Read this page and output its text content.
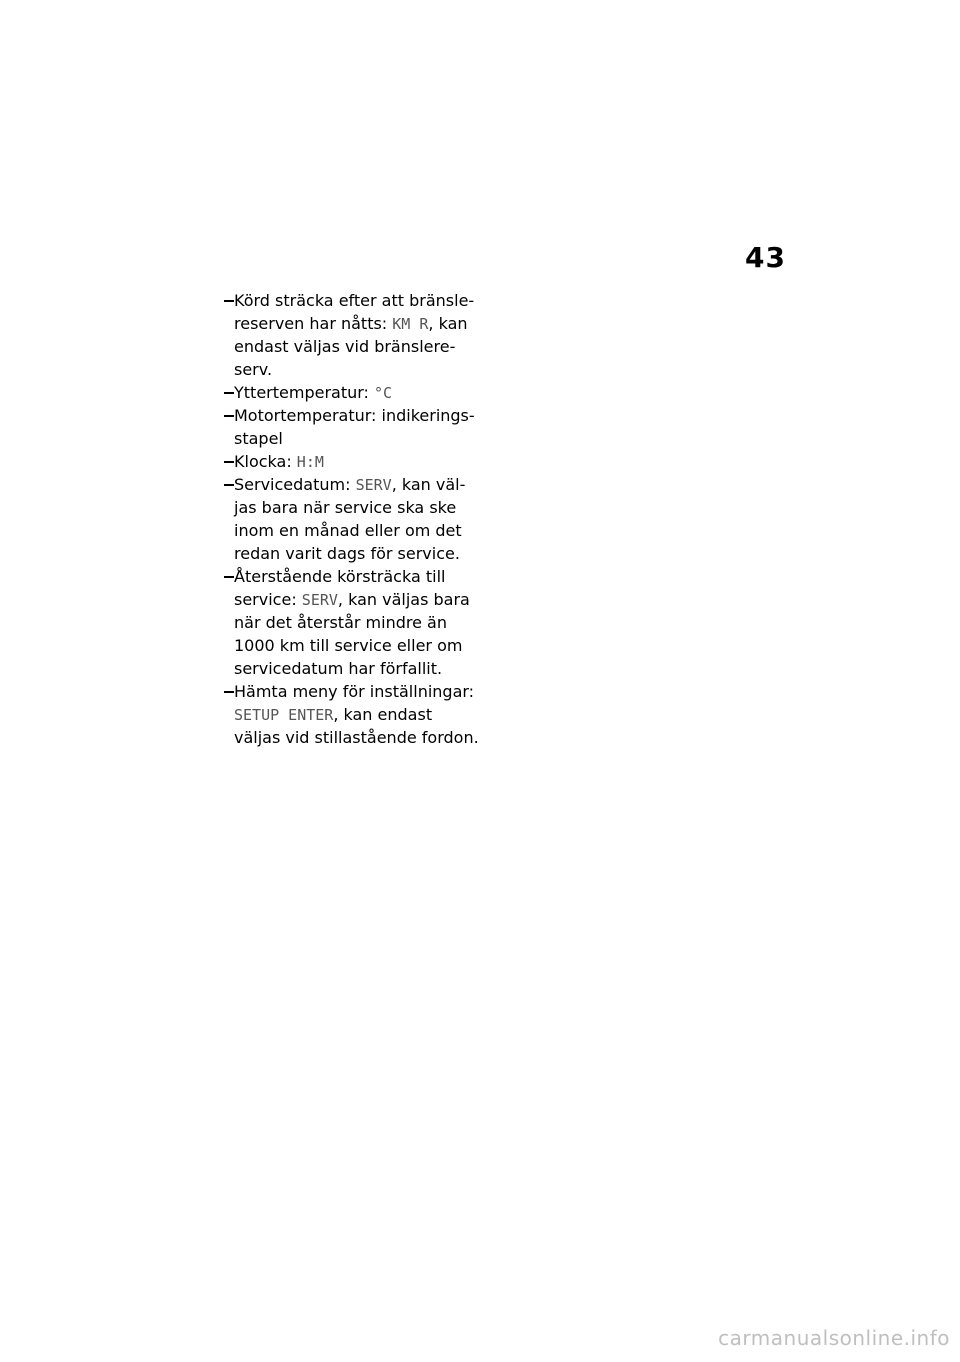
43
Körd sträcka efter att bränsle-
reserven har nåtts: KM R, kan
endast väljas vid bränslere-
serv.
Yttertemperatur: °C
Motortemperatur: indikerings-
stapel
Klocka: H:M
Servicedatum: SERV, kan väl-
jas bara när service ska ske
inom en månad eller om det
redan varit dags för service.
Återstående körsträcka till
service: SERV, kan väljas bara
när det återstår mindre än
1000 km till service eller om
servicedatum har förfallit.
Hämta meny för inställningar:
SETUP ENTER, kan endast
väljas vid stillastående fordon.
carmanualsonline.info
